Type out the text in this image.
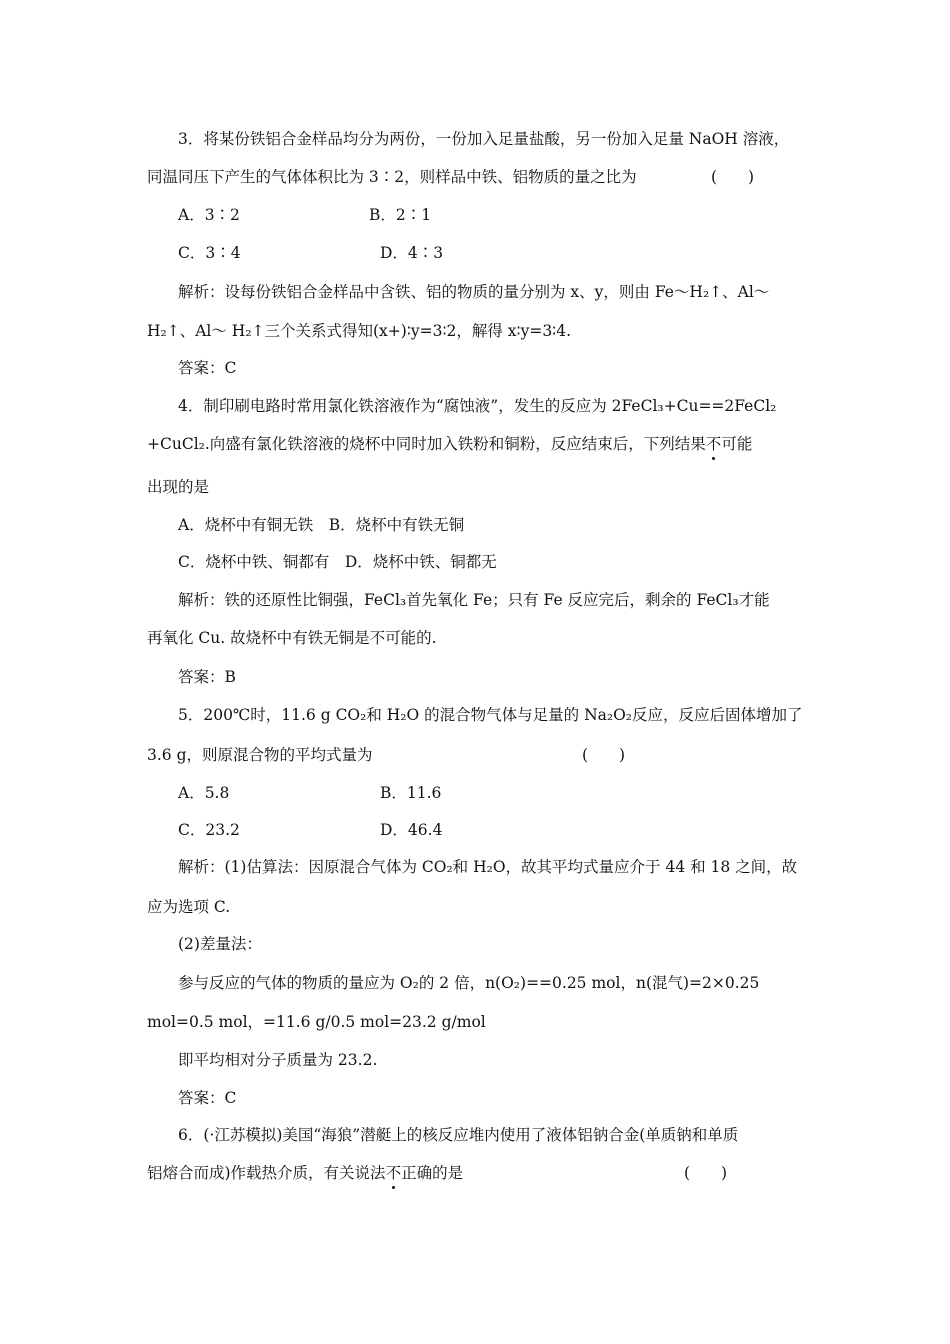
3．将某份铁铝合金样品均分为两份，一份加入足量盐酸，另一份加入足量 NaOH 溶液，
同温同压下产生的气体体积比为 3∶2，则样品中铁、铝物质的量之比为	(　　)
A．3∶2	B．2∶1
C．3∶4	D．4∶3
解析：设每份铁铝合金样品中含铁、铝的物质的量分别为 x、y，则由 Fe～H₂↑、Al～
H₂↑、Al～ H₂↑三个关系式得知(x+)∶y=3∶2，解得 x∶y=3∶4.
答案：C
4．制印刷电路时常用氯化铁溶液作为“腐蚀液”，发生的反应为 2FeCl₃+Cu==2FeCl₂
+CuCl₂.向盛有氯化铁溶液的烧杯中同时加入铁粉和铜粉，反应结束后，下列结果不可能
出现的是
A．烧杯中有铜无铁　B．烧杯中有铁无铜
C．烧杯中铁、铜都有　D．烧杯中铁、铜都无
解析：铁的还原性比铜强，FeCl₃首先氧化 Fe；只有 Fe 反应完后，剩余的 FeCl₃才能
再氧化 Cu. 故烧杯中有铁无铜是不可能的.
答案：B
5．200℃时，11.6 g CO₂和 H₂O 的混合物气体与足量的 Na₂O₂反应，反应后固体增加了
3.6 g，则原混合物的平均式量为	(　　)
A．5.8	B．11.6
C．23.2	D．46.4
解析：(1)估算法：因原混合气体为 CO₂和 H₂O，故其平均式量应介于 44 和 18 之间，故
应为选项 C.
(2)差量法：
参与反应的气体的物质的量应为 O₂的 2 倍，n(O₂)==0.25 mol，n(混气)=2×0.25
mol=0.5 mol，=11.6 g/0.5 mol=23.2 g/mol
即平均相对分子质量为 23.2.
答案：C
6．(·江苏模拟)美国“海狼”潜艇上的核反应堆内使用了液体铝钠合金(单质钠和单质
铝熔合而成)作载热介质，有关说法不正确的是	(　　)
